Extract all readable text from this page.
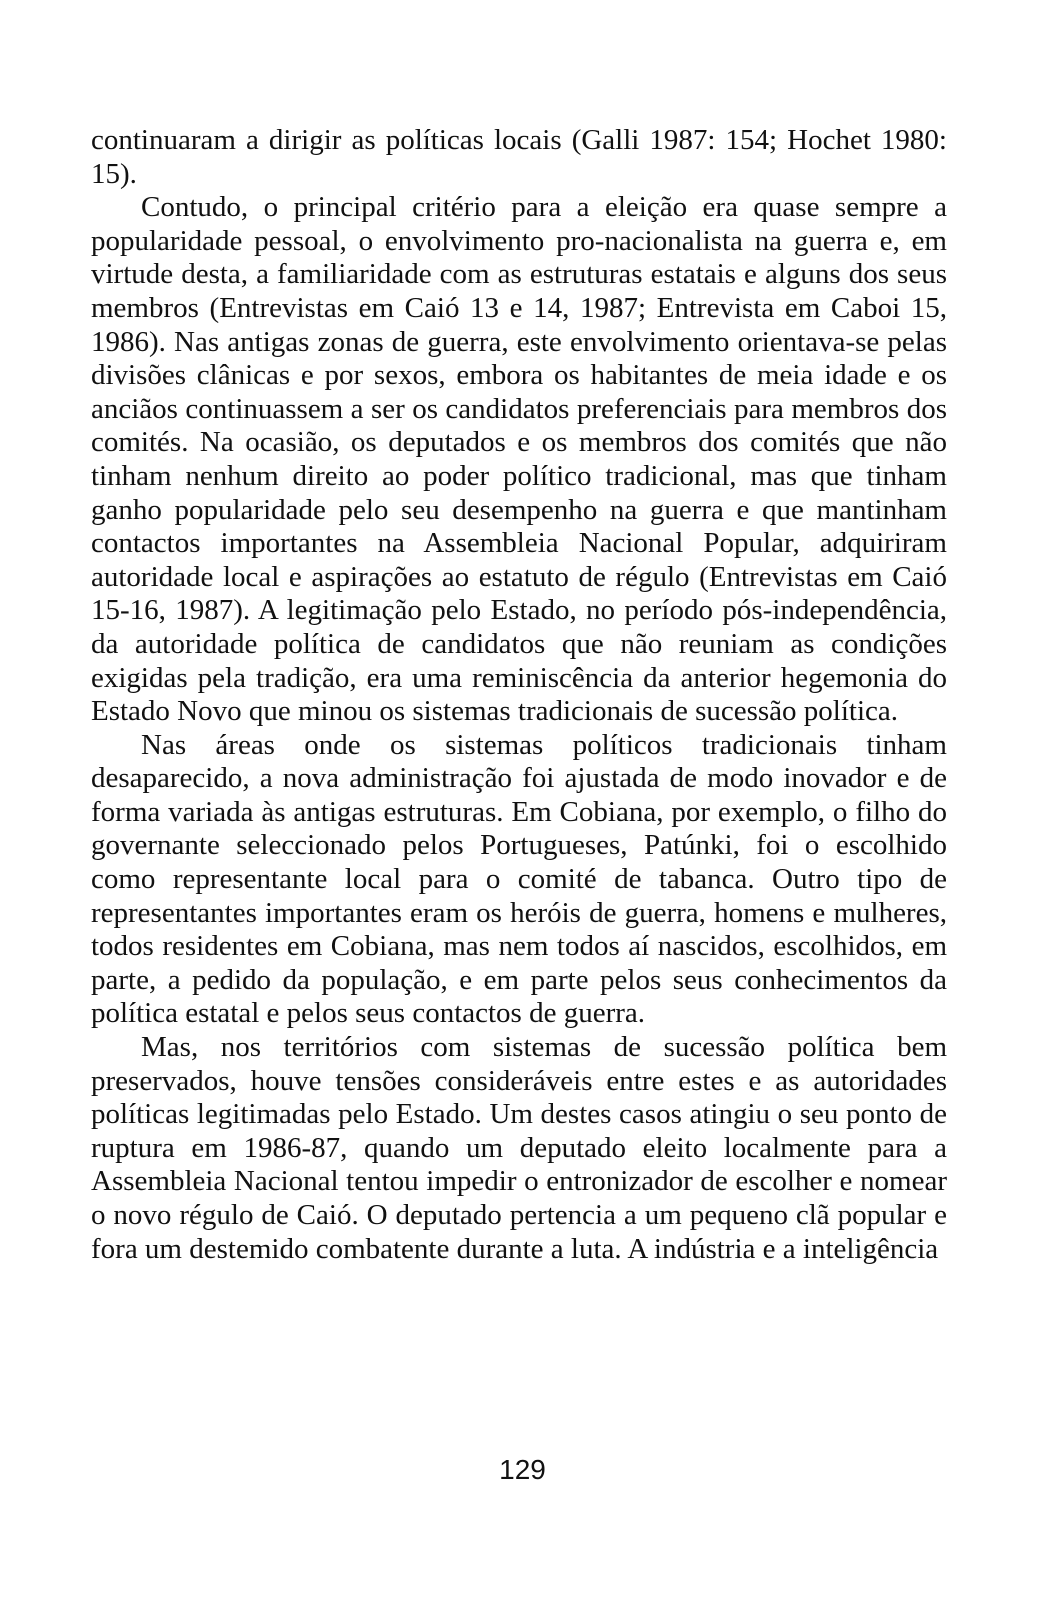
continuaram a dirigir as políticas locais (Galli 1987: 154; Hochet 1980: 15).

Contudo, o principal critério para a eleição era quase sempre a popularidade pessoal, o envolvimento pro-nacionalista na guerra e, em virtude desta, a familiaridade com as estruturas estatais e alguns dos seus membros (Entrevistas em Caió 13 e 14, 1987; Entrevista em Caboi 15, 1986). Nas antigas zonas de guerra, este envolvimento orientava-se pelas divisões clânicas e por sexos, embora os habitantes de meia idade e os anciãos continuassem a ser os candidatos preferenciais para membros dos comités. Na ocasião, os deputados e os membros dos comités que não tinham nenhum direito ao poder político tradicional, mas que tinham ganho popularidade pelo seu desempenho na guerra e que mantinham contactos importantes na Assembleia Nacional Popular, adquiriram autoridade local e aspirações ao estatuto de régulo (Entrevistas em Caió 15-16, 1987). A legitimação pelo Estado, no período pós-independência, da autoridade política de candidatos que não reuniam as condições exigidas pela tradição, era uma reminiscência da anterior hegemonia do Estado Novo que minou os sistemas tradicionais de sucessão política.

Nas áreas onde os sistemas políticos tradicionais tinham desaparecido, a nova administração foi ajustada de modo inovador e de forma variada às antigas estruturas. Em Cobiana, por exemplo, o filho do governante seleccionado pelos Portugueses, Patúnki, foi o escolhido como representante local para o comité de tabanca. Outro tipo de representantes importantes eram os heróis de guerra, homens e mulheres, todos residentes em Cobiana, mas nem todos aí nascidos, escolhidos, em parte, a pedido da população, e em parte pelos seus conhecimentos da política estatal e pelos seus contactos de guerra.

Mas, nos territórios com sistemas de sucessão política bem preservados, houve tensões consideráveis entre estes e as autoridades políticas legitimadas pelo Estado. Um destes casos atingiu o seu ponto de ruptura em 1986-87, quando um deputado eleito localmente para a Assembleia Nacional tentou impedir o entronizador de escolher e nomear o novo régulo de Caió. O deputado pertencia a um pequeno clã popular e fora um destemido combatente durante a luta. A indústria e a inteligência

129
